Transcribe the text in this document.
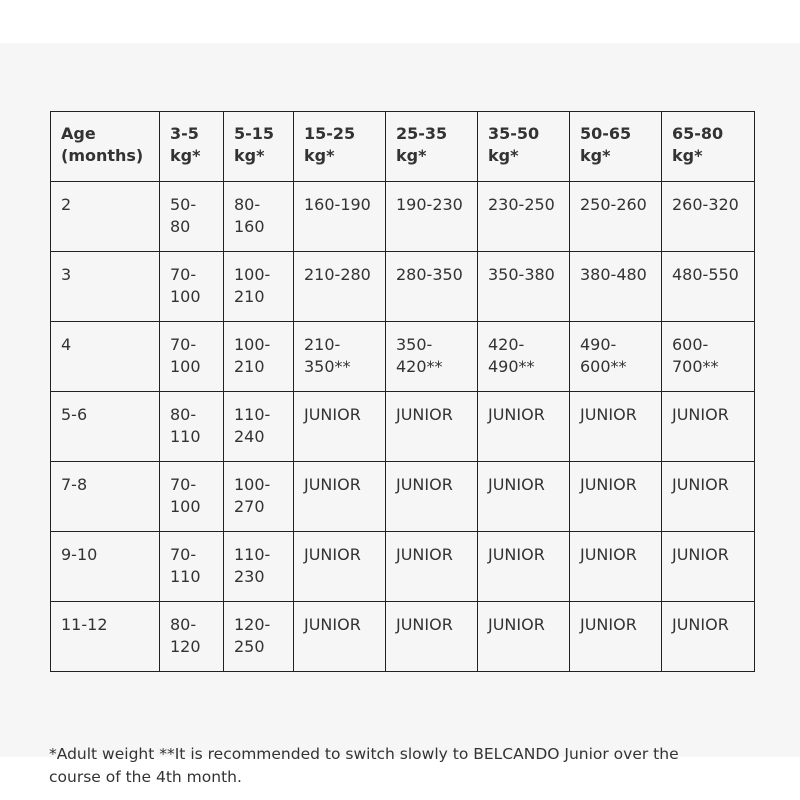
Age (months)	3-5 kg*	5-15 kg*	15-25 kg*	25-35 kg*	35-50 kg*	50-65 kg*	65-80 kg*
2	50-80	80-160	160-190	190-230	230-250	250-260	260-320
3	70-100	100-210	210-280	280-350	350-380	380-480	480-550
4	70-100	100-210	210-350**	350-420**	420-490**	490-600**	600-700**
5-6	80-110	110-240	JUNIOR	JUNIOR	JUNIOR	JUNIOR	JUNIOR
7-8	70-100	100-270	JUNIOR	JUNIOR	JUNIOR	JUNIOR	JUNIOR
9-10	70-110	110-230	JUNIOR	JUNIOR	JUNIOR	JUNIOR	JUNIOR
11-12	80-120	120-250	JUNIOR	JUNIOR	JUNIOR	JUNIOR	JUNIOR

*Adult weight **It is recommended to switch slowly to BELCANDO Junior over the course of the 4th month.
